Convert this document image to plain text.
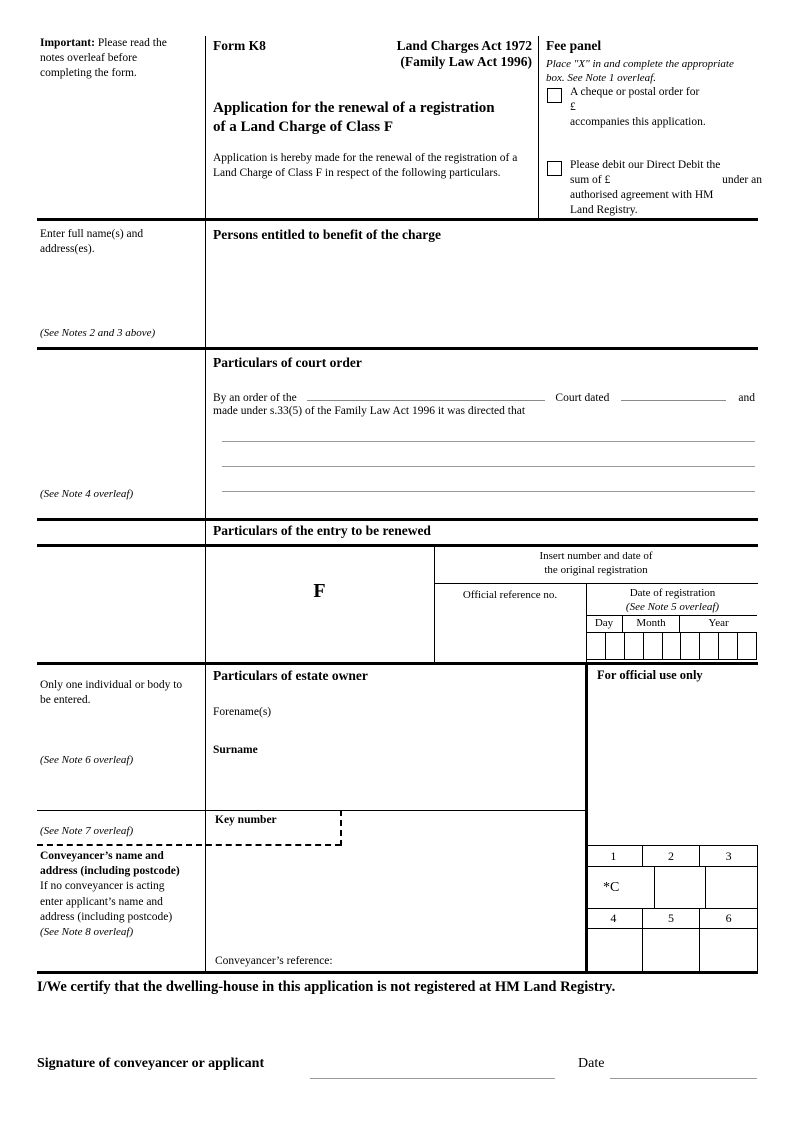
Important: Please read the notes overleaf before completing the form.
Form K8	Land Charges Act 1972
(Family Law Act 1996)
Application for the renewal of a registration
of a Land Charge of Class F
Application is hereby made for the renewal of the registration of a Land Charge of Class F in respect of the following particulars.
Fee panel
Place "X" in and complete the appropriate box. See Note 1 overleaf.
A cheque or postal order for
£
accompanies this application.
Please debit our Direct Debit the
sum of £	under an
authorised agreement with HM
Land Registry.
Enter full name(s) and address(es).
(See Notes 2 and 3 above)
Persons entitled to benefit of the charge
Particulars of court order
By an order of the	Court dated	and
made under s.33(5) of the Family Law Act 1996 it was directed that
(See Note 4 overleaf)
Particulars of the entry to be renewed
F
Insert number and date of
the original registration
Official reference no.	Date of registration
(See Note 5 overleaf)
Day	Month	Year
Only one individual or body to be entered.
(See Note 6 overleaf)
Particulars of estate owner
Forename(s)
Surname
For official use only
Key number
(See Note 7 overleaf)
Conveyancer’s name and address (including postcode)
If no conveyancer is acting enter applicant’s name and address (including postcode)
(See Note 8 overleaf)
Conveyancer’s reference:
1	2	3
*C
4	5	6
I/We certify that the dwelling-house in this application is not registered at HM Land Registry.
Signature of conveyancer or applicant	Date
